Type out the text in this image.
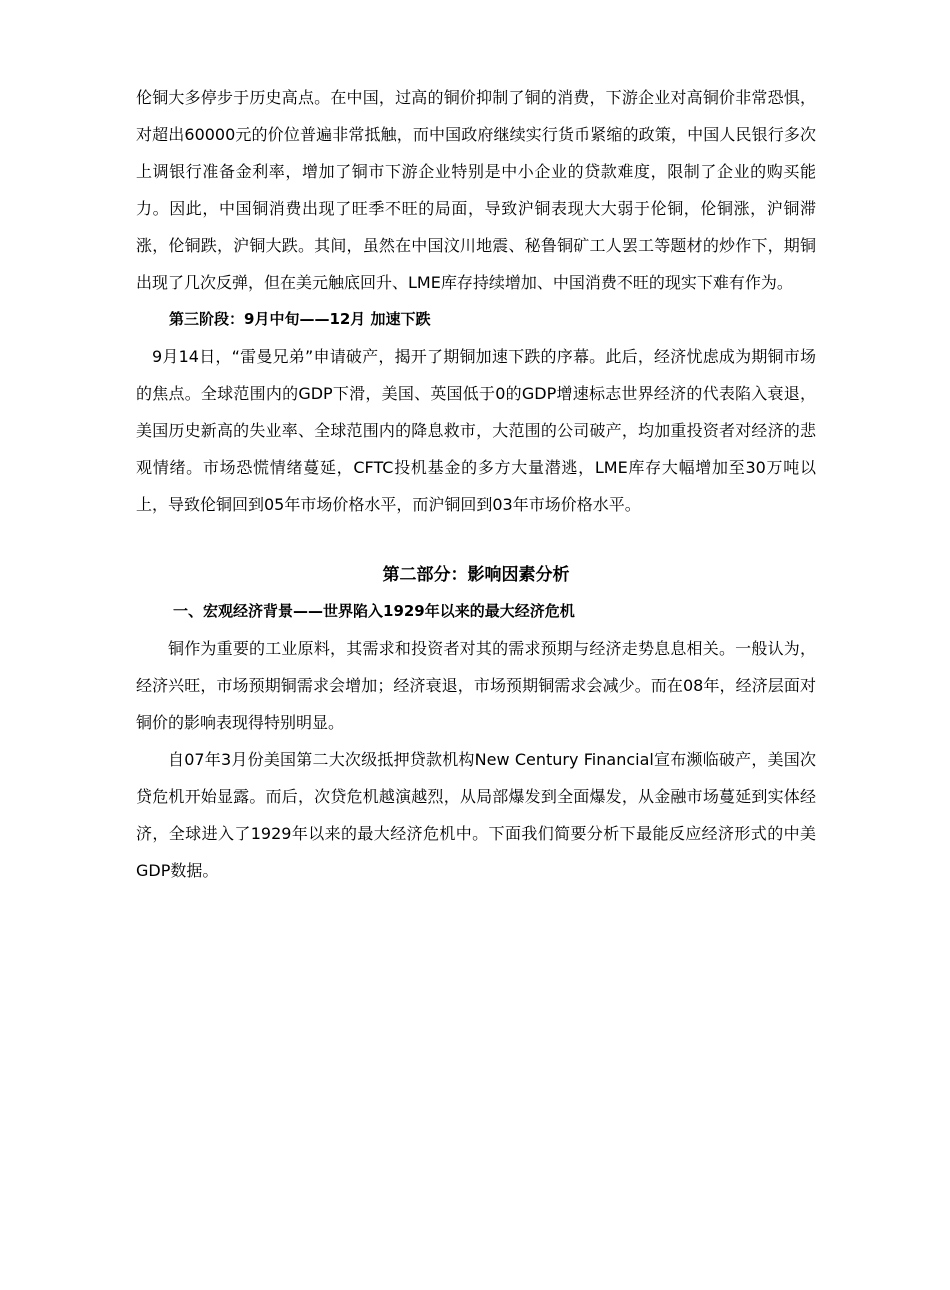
伦铜大多停步于历史高点。在中国，过高的铜价抑制了铜的消费，下游企业对高铜价非常恐惧，对超出60000元的价位普遍非常抵触，而中国政府继续实行货币紧缩的政策，中国人民银行多次上调银行准备金利率，增加了铜市下游企业特别是中小企业的贷款难度，限制了企业的购买能力。因此，中国铜消费出现了旺季不旺的局面，导致沪铜表现大大弱于伦铜，伦铜涨，沪铜滞涨，伦铜跌，沪铜大跌。其间，虽然在中国汶川地震、秘鲁铜矿工人罢工等题材的炒作下，期铜出现了几次反弹，但在美元触底回升、LME库存持续增加、中国消费不旺的现实下难有作为。

第三阶段：9月中旬——12月 加速下跌

9月14日，“雷曼兄弟”申请破产，揭开了期铜加速下跌的序幕。此后，经济忧虑成为期铜市场的焦点。全球范围内的GDP下滑，美国、英国低于0的GDP增速标志世界经济的代表陷入衰退，美国历史新高的失业率、全球范围内的降息救市，大范围的公司破产，均加重投资者对经济的悲观情绪。市场恐慌情绪蔓延，CFTC投机基金的多方大量潜逃，LME库存大幅增加至30万吨以上，导致伦铜回到05年市场价格水平，而沪铜回到03年市场价格水平。

第二部分：影响因素分析

一、宏观经济背景——世界陷入1929年以来的最大经济危机

铜作为重要的工业原料，其需求和投资者对其的需求预期与经济走势息息相关。一般认为，经济兴旺，市场预期铜需求会增加；经济衰退，市场预期铜需求会减少。而在08年，经济层面对铜价的影响表现得特别明显。

自07年3月份美国第二大次级抵押贷款机构New Century Financial宣布濒临破产，美国次贷危机开始显露。而后，次贷危机越演越烈，从局部爆发到全面爆发，从金融市场蔓延到实体经济，全球进入了1929年以来的最大经济危机中。下面我们简要分析下最能反应经济形式的中美GDP数据。
